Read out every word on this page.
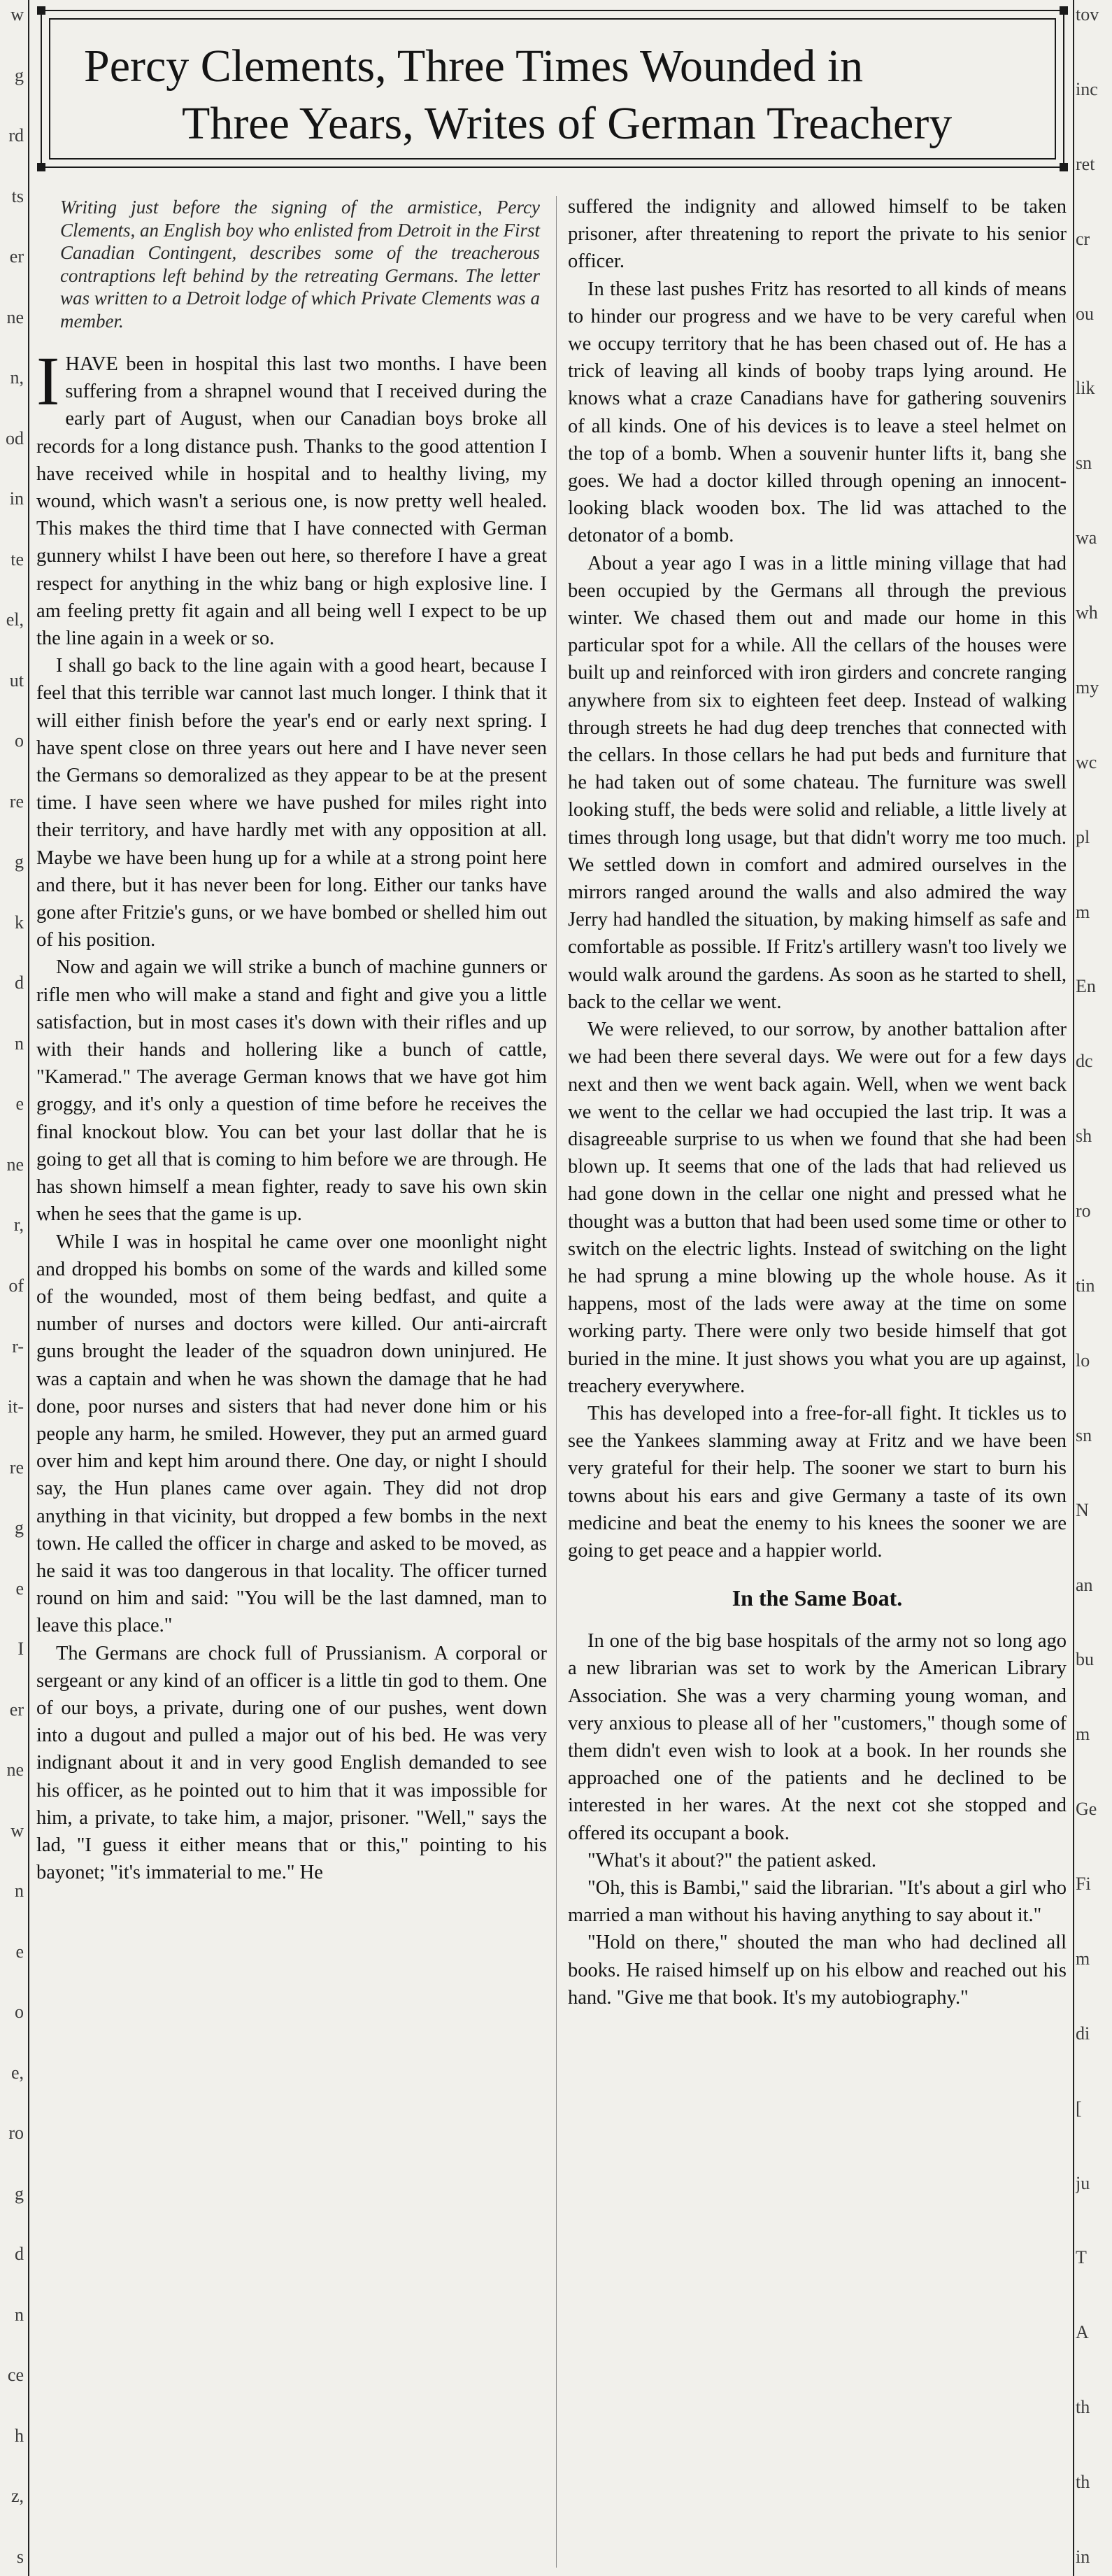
w
g
rd
ts
er
ne
n,
od
in
te
el,
ut
o
re
g
k
d
n
e
ne
r,
of
r-
it-
re
g
e
I
er
ne
w
n
e
o
e,
ro
g
d
n
ce
h
z,
s
tov
inc
ret
cr
ou
lik
sn
wa
wh
my
wc
pl
m
En
dc
sh
ro
tin
lo
sn
N
an
bu
m
Ge
Fi
m
di
[
ju
T
A
th
th
in
Percy Clements, Three Times Wounded in
Three Years, Writes of German Treachery

Writing just before the signing of the armistice, Percy Clements, an English boy who enlisted from Detroit in the First Canadian Contingent, describes some of the treacherous contraptions left behind by the retreating Germans. The letter was written to a Detroit lodge of which Private Clements was a member.

IHAVE been in hospital this last two months. I have been suffering from a shrapnel wound that I received during the early part of August, when our Canadian boys broke all records for a long distance push. Thanks to the good attention I have received while in hospital and to healthy living, my wound, which wasn't a serious one, is now pretty well healed. This makes the third time that I have connected with German gunnery whilst I have been out here, so therefore I have a great respect for anything in the whiz bang or high explosive line. I am feeling pretty fit again and all being well I expect to be up the line again in a week or so.

I shall go back to the line again with a good heart, because I feel that this terrible war cannot last much longer. I think that it will either finish before the year's end or early next spring. I have spent close on three years out here and I have never seen the Germans so demoralized as they appear to be at the present time. I have seen where we have pushed for miles right into their territory, and have hardly met with any opposition at all. Maybe we have been hung up for a while at a strong point here and there, but it has never been for long. Either our tanks have gone after Fritzie's guns, or we have bombed or shelled him out of his position.

Now and again we will strike a bunch of machine gunners or rifle men who will make a stand and fight and give you a little satisfaction, but in most cases it's down with their rifles and up with their hands and hollering like a bunch of cattle, "Kamerad." The average German knows that we have got him groggy, and it's only a question of time before he receives the final knockout blow. You can bet your last dollar that he is going to get all that is coming to him before we are through. He has shown himself a mean fighter, ready to save his own skin when he sees that the game is up.

While I was in hospital he came over one moonlight night and dropped his bombs on some of the wards and killed some of the wounded, most of them being bedfast, and quite a number of nurses and doctors were killed. Our anti-aircraft guns brought the leader of the squadron down uninjured. He was a captain and when he was shown the damage that he had done, poor nurses and sisters that had never done him or his people any harm, he smiled. However, they put an armed guard over him and kept him around there. One day, or night I should say, the Hun planes came over again. They did not drop anything in that vicinity, but dropped a few bombs in the next town. He called the officer in charge and asked to be moved, as he said it was too dangerous in that locality. The officer turned round on him and said: "You will be the last damned, man to leave this place."

The Germans are chock full of Prussianism. A corporal or sergeant or any kind of an officer is a little tin god to them. One of our boys, a private, during one of our pushes, went down into a dugout and pulled a major out of his bed. He was very indignant about it and in very good English demanded to see his officer, as he pointed out to him that it was impossible for him, a private, to take him, a major, prisoner. "Well," says the lad, "I guess it either means that or this," pointing to his bayonet; "it's immaterial to me." He

suffered the indignity and allowed himself to be taken prisoner, after threatening to report the private to his senior officer.

In these last pushes Fritz has resorted to all kinds of means to hinder our progress and we have to be very careful when we occupy territory that he has been chased out of. He has a trick of leaving all kinds of booby traps lying around. He knows what a craze Canadians have for gathering souvenirs of all kinds. One of his devices is to leave a steel helmet on the top of a bomb. When a souvenir hunter lifts it, bang she goes. We had a doctor killed through opening an innocent-looking black wooden box. The lid was attached to the detonator of a bomb.

About a year ago I was in a little mining village that had been occupied by the Germans all through the previous winter. We chased them out and made our home in this particular spot for a while. All the cellars of the houses were built up and reinforced with iron girders and concrete ranging anywhere from six to eighteen feet deep. Instead of walking through streets he had dug deep trenches that connected with the cellars. In those cellars he had put beds and furniture that he had taken out of some chateau. The furniture was swell looking stuff, the beds were solid and reliable, a little lively at times through long usage, but that didn't worry me too much. We settled down in comfort and admired ourselves in the mirrors ranged around the walls and also admired the way Jerry had handled the situation, by making himself as safe and comfortable as possible. If Fritz's artillery wasn't too lively we would walk around the gardens. As soon as he started to shell, back to the cellar we went.

We were relieved, to our sorrow, by another battalion after we had been there several days. We were out for a few days next and then we went back again. Well, when we went back we went to the cellar we had occupied the last trip. It was a disagreeable surprise to us when we found that she had been blown up. It seems that one of the lads that had relieved us had gone down in the cellar one night and pressed what he thought was a button that had been used some time or other to switch on the electric lights. Instead of switching on the light he had sprung a mine blowing up the whole house. As it happens, most of the lads were away at the time on some working party. There were only two beside himself that got buried in the mine. It just shows you what you are up against, treachery everywhere.

This has developed into a free-for-all fight. It tickles us to see the Yankees slamming away at Fritz and we have been very grateful for their help. The sooner we start to burn his towns about his ears and give Germany a taste of its own medicine and beat the enemy to his knees the sooner we are going to get peace and a happier world.

In the Same Boat.

In one of the big base hospitals of the army not so long ago a new librarian was set to work by the American Library Association. She was a very charming young woman, and very anxious to please all of her "customers," though some of them didn't even wish to look at a book. In her rounds she approached one of the patients and he declined to be interested in her wares. At the next cot she stopped and offered its occupant a book.

"What's it about?" the patient asked.

"Oh, this is Bambi," said the librarian. "It's about a girl who married a man without his having anything to say about it."

"Hold on there," shouted the man who had declined all books. He raised himself up on his elbow and reached out his hand. "Give me that book. It's my autobiography."
